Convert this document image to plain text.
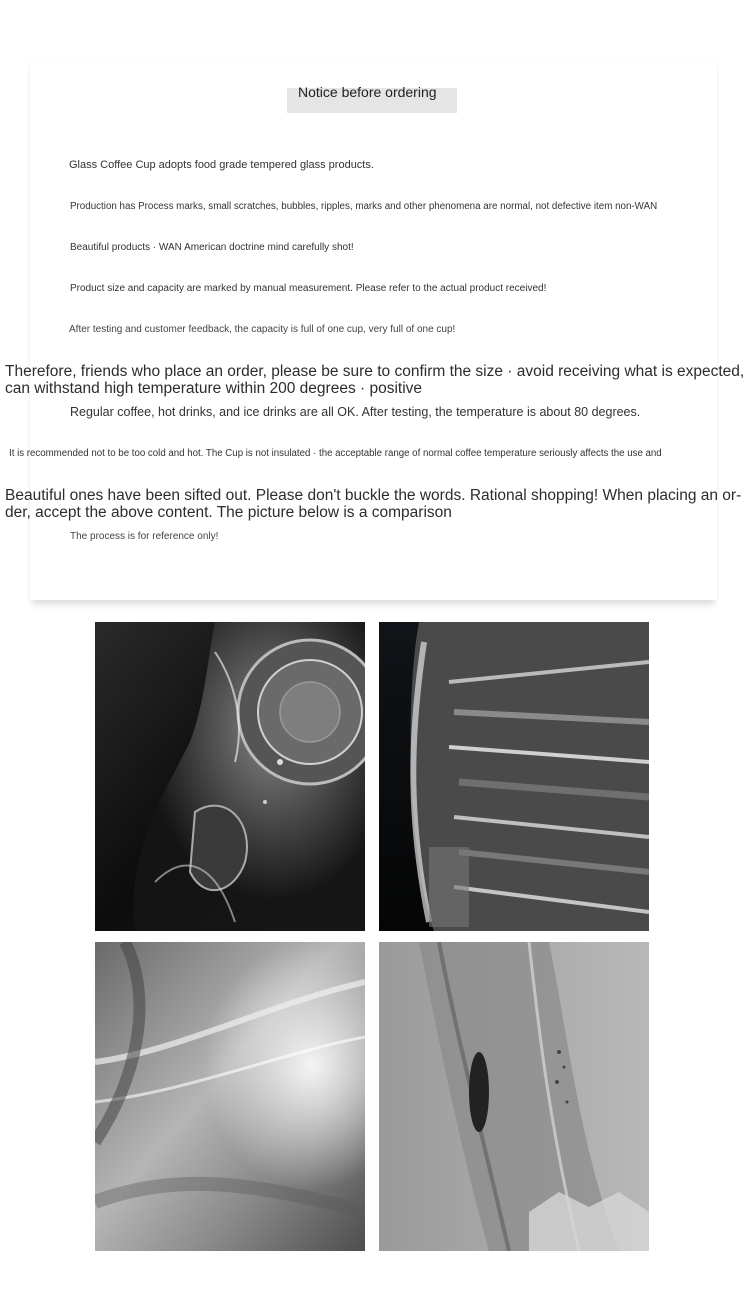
Notice before ordering
Glass Coffee Cup adopts food grade tempered glass products.
Production has Process marks, small scratches, bubbles, ripples, marks and other phenomena are normal, not defective item non-WAN
Beautiful products · WAN American doctrine mind carefully shot!
Product size and capacity are marked by manual measurement. Please refer to the actual product received!
After testing and customer feedback, the capacity is full of one cup, very full of one cup!
Therefore, friends who place an order, please be sure to confirm the size · avoid receiving what is expected, can withstand high temperature within 200 degrees · positive
Regular coffee, hot drinks, and ice drinks are all OK. After testing, the temperature is about 80 degrees.
It is recommended not to be too cold and hot. The Cup is not insulated · the acceptable range of normal coffee temperature seriously affects the use and
Beautiful ones have been sifted out. Please don't buckle the words. Rational shopping! When placing an or- der, accept the above content. The picture below is a comparison
The process is for reference only!
